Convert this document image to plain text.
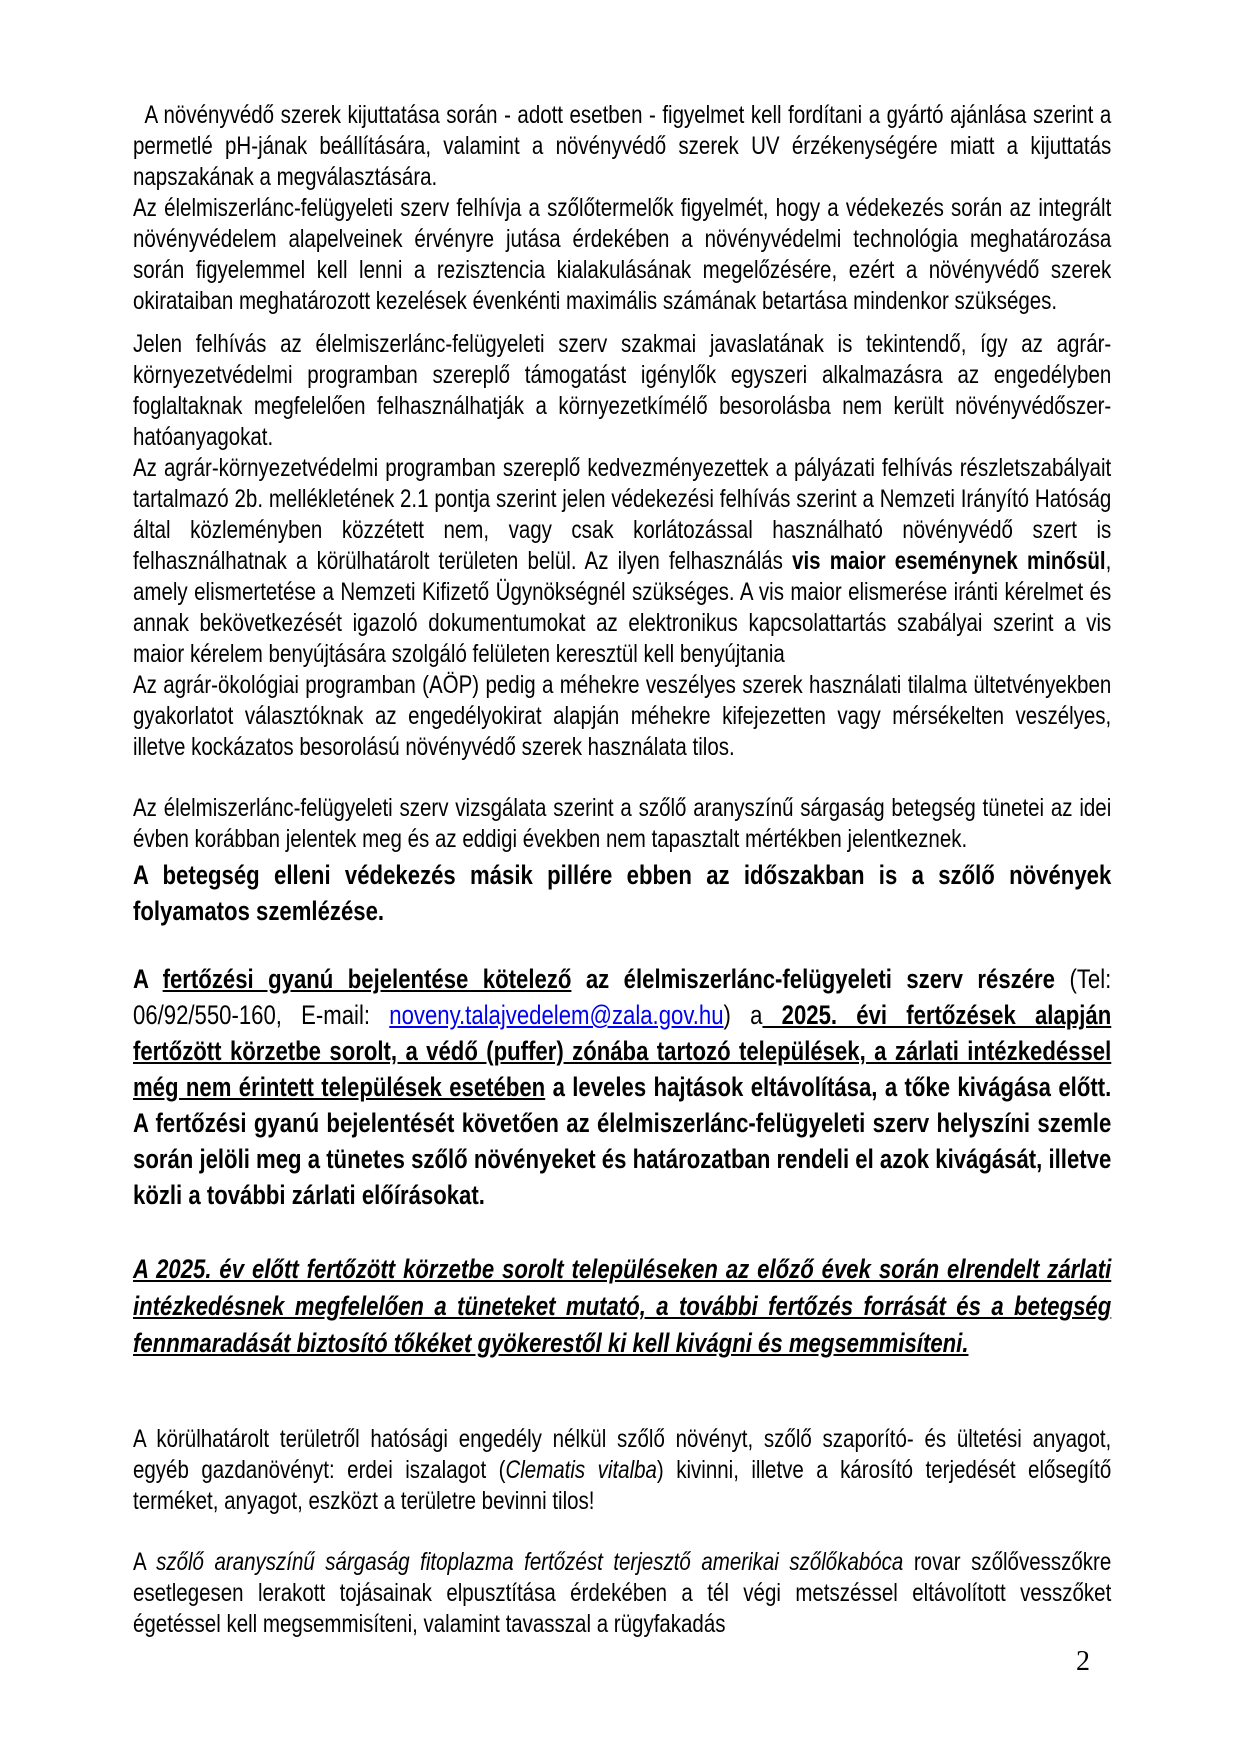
A növényvédő szerek kijuttatása során - adott esetben - figyelmet kell fordítani a gyártó ajánlása szerint a permetlé pH-jának beállítására, valamint a növényvédő szerek UV érzékenységére miatt a kijuttatás napszakának a megválasztására.

Az élelmiszerlánc-felügyeleti szerv felhívja a szőlőtermelők figyelmét, hogy a védekezés során az integrált növényvédelem alapelveinek érvényre jutása érdekében a növényvédelmi technológia meghatározása során figyelemmel kell lenni a rezisztencia kialakulásának megelőzésére, ezért a növényvédő szerek okirataiban meghatározott kezelések évenkénti maximális számának betartása mindenkor szükséges.

Jelen felhívás az élelmiszerlánc-felügyeleti szerv szakmai javaslatának is tekintendő, így az agrár-környezetvédelmi programban szereplő támogatást igénylők egyszeri alkalmazásra az engedélyben foglaltaknak megfelelően felhasználhatják a környezetkímélő besorolásba nem került növényvédőszer-hatóanyagokat.

Az agrár-környezetvédelmi programban szereplő kedvezményezettek a pályázati felhívás részletszabályait tartalmazó 2b. mellékletének 2.1 pontja szerint jelen védekezési felhívás szerint a Nemzeti Irányító Hatóság által közleményben közzétett nem, vagy csak korlátozással használható növényvédő szert is felhasználhatnak a körülhatárolt területen belül. Az ilyen felhasználás vis maior eseménynek minősül, amely elismertetése a Nemzeti Kifizető Ügynökségnél szükséges. A vis maior elismerése iránti kérelmet és annak bekövetkezését igazoló dokumentumokat az elektronikus kapcsolattartás szabályai szerint a vis maior kérelem benyújtására szolgáló felületen keresztül kell benyújtania

Az agrár-ökológiai programban (AÖP) pedig a méhekre veszélyes szerek használati tilalma ültetvényekben gyakorlatot választóknak az engedélyokirat alapján méhekre kifejezetten vagy mérsékelten veszélyes, illetve kockázatos besorolású növényvédő szerek használata tilos.

Az élelmiszerlánc-felügyeleti szerv vizsgálata szerint a szőlő aranyszínű sárgaság betegség tünetei az idei évben korábban jelentek meg és az eddigi években nem tapasztalt mértékben jelentkeznek.

A betegség elleni védekezés másik pillére ebben az időszakban is a szőlő növények folyamatos szemlézése.

A fertőzési gyanú bejelentése kötelező az élelmiszerlánc-felügyeleti szerv részére (Tel: 06/92/550-160, E-mail: noveny.talajvedelem@zala.gov.hu) a 2025. évi fertőzések alapján fertőzött körzetbe sorolt, a védő (puffer) zónába tartozó települések, a zárlati intézkedéssel még nem érintett települések esetében a leveles hajtások eltávolítása, a tőke kivágása előtt. A fertőzési gyanú bejelentését követően az élelmiszerlánc-felügyeleti szerv helyszíni szemle során jelöli meg a tünetes szőlő növényeket és határozatban rendeli el azok kivágását, illetve közli a további zárlati előírásokat.

A 2025. év előtt fertőzött körzetbe sorolt településeken az előző évek során elrendelt zárlati intézkedésnek megfelelően a tüneteket mutató, a további fertőzés forrását és a betegség fennmaradását biztosító tőkéket gyökerestől ki kell kivágni és megsemmisíteni.

A körülhatárolt területről hatósági engedély nélkül szőlő növényt, szőlő szaporító- és ültetési anyagot, egyéb gazdanövényt: erdei iszalagot (Clematis vitalba) kivinni, illetve a károsító terjedését elősegítő terméket, anyagot, eszközt a területre bevinni tilos!

A szőlő aranyszínű sárgaság fitoplazma fertőzést terjesztő amerikai szőlőkabóca rovar szőlővesszőkre esetlegesen lerakott tojásainak elpusztítása érdekében a tél végi metszéssel eltávolított vesszőket égetéssel kell megsemmisíteni, valamint tavasszal a rügyfakadás

2
